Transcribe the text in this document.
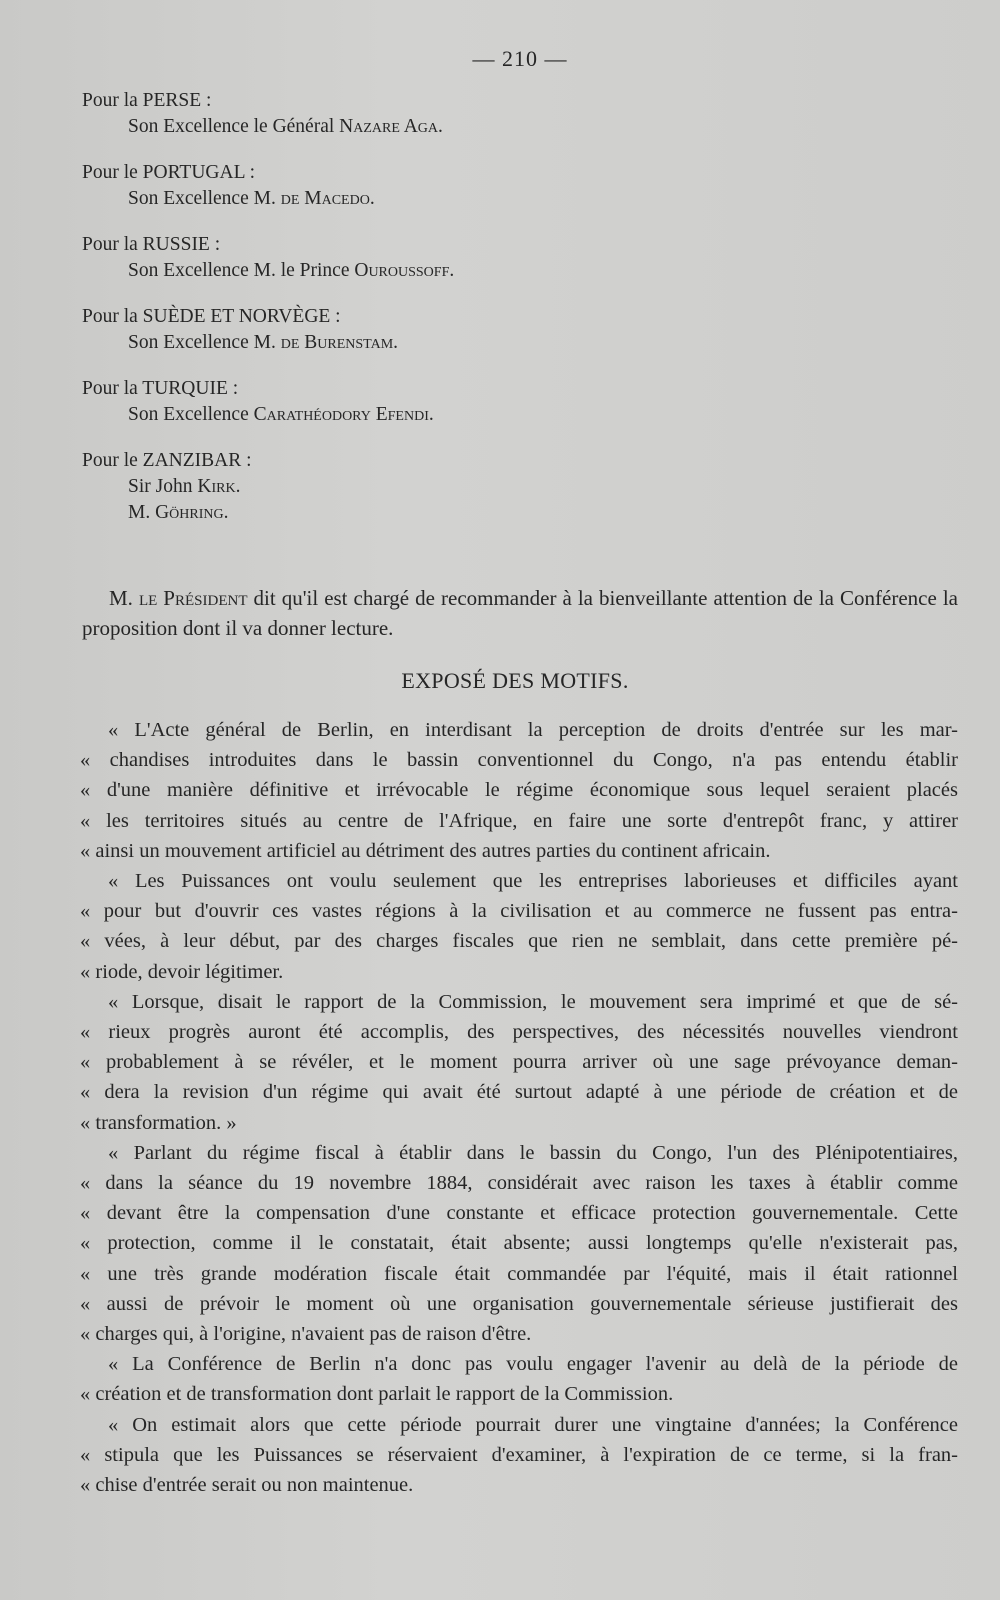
— 210 —
Pour la PERSE :
Son Excellence le Général Nazare Aga.
Pour le PORTUGAL :
Son Excellence M. de Macedo.
Pour la RUSSIE :
Son Excellence M. le Prince Ouroussoff.
Pour la SUÈDE ET NORVÈGE :
Son Excellence M. de Burenstam.
Pour la TURQUIE :
Son Excellence Carathéodory Efendi.
Pour le ZANZIBAR :
Sir John Kirk.
M. Göhring.

M. le Président dit qu'il est chargé de recommander à la bienveillante attention de la Conférence la proposition dont il va donner lecture.

EXPOSÉ DES MOTIFS.
« L'Acte général de Berlin, en interdisant la perception de droits d'entrée sur les mar-
« chandises introduites dans le bassin conventionnel du Congo, n'a pas entendu établir
« d'une manière définitive et irrévocable le régime économique sous lequel seraient placés
« les territoires situés au centre de l'Afrique, en faire une sorte d'entrepôt franc, y attirer
« ainsi un mouvement artificiel au détriment des autres parties du continent africain.
« Les Puissances ont voulu seulement que les entreprises laborieuses et difficiles ayant
« pour but d'ouvrir ces vastes régions à la civilisation et au commerce ne fussent pas entra-
« vées, à leur début, par des charges fiscales que rien ne semblait, dans cette première pé-
« riode, devoir légitimer.
« Lorsque, disait le rapport de la Commission, le mouvement sera imprimé et que de sé-
« rieux progrès auront été accomplis, des perspectives, des nécessités nouvelles viendront
« probablement à se révéler, et le moment pourra arriver où une sage prévoyance deman-
« dera la revision d'un régime qui avait été surtout adapté à une période de création et de
« transformation. »
« Parlant du régime fiscal à établir dans le bassin du Congo, l'un des Plénipotentiaires,
« dans la séance du 19 novembre 1884, considérait avec raison les taxes à établir comme
« devant être la compensation d'une constante et efficace protection gouvernementale. Cette
« protection, comme il le constatait, était absente; aussi longtemps qu'elle n'existerait pas,
« une très grande modération fiscale était commandée par l'équité, mais il était rationnel
« aussi de prévoir le moment où une organisation gouvernementale sérieuse justifierait des
« charges qui, à l'origine, n'avaient pas de raison d'être.
« La Conférence de Berlin n'a donc pas voulu engager l'avenir au delà de la période de
« création et de transformation dont parlait le rapport de la Commission.
« On estimait alors que cette période pourrait durer une vingtaine d'années; la Conférence
« stipula que les Puissances se réservaient d'examiner, à l'expiration de ce terme, si la fran-
« chise d'entrée serait ou non maintenue.
